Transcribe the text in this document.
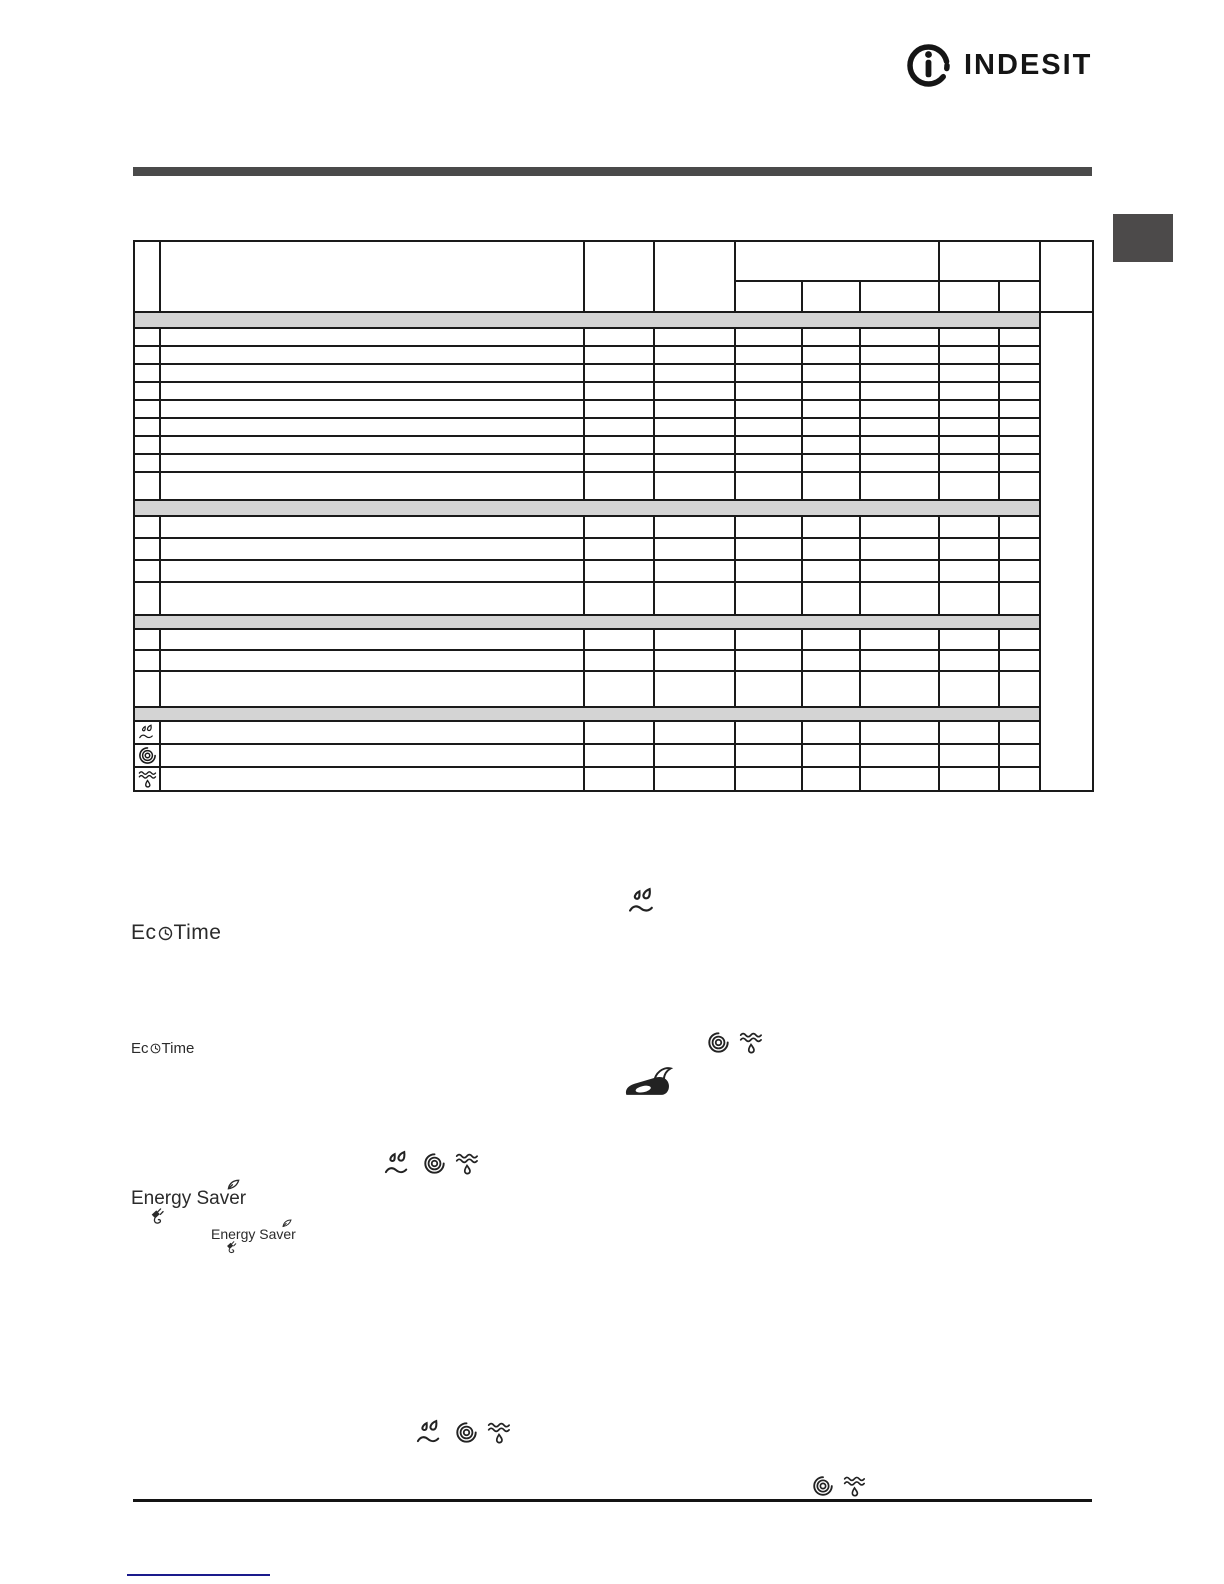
INDESIT

Ec Time
Ec Time
Energy Saver
Energy Saver
